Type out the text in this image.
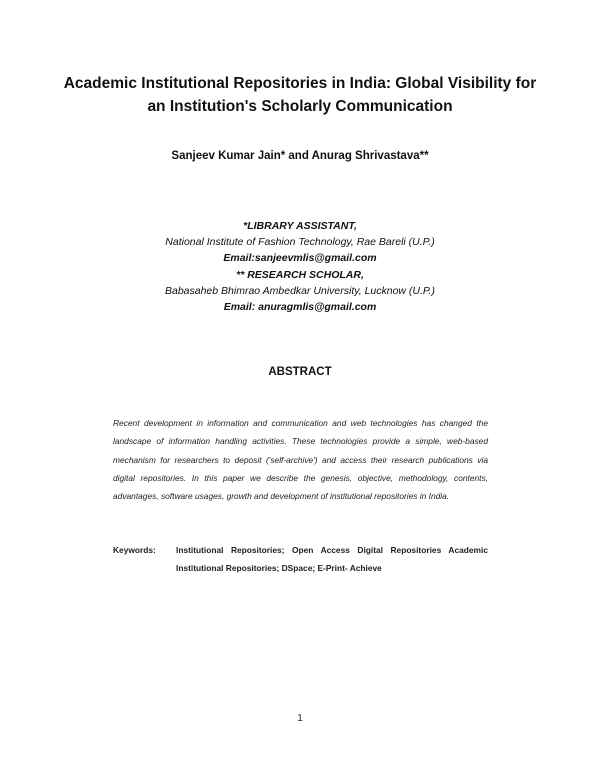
Academic Institutional Repositories in India: Global Visibility for
an Institution's Scholarly Communication
Sanjeev Kumar Jain* and Anurag Shrivastava**
*LIBRARY ASSISTANT,
National Institute of Fashion Technology, Rae Bareli (U.P.)
Email:sanjeevmlis@gmail.com
** RESEARCH SCHOLAR,
Babasaheb Bhimrao Ambedkar University, Lucknow (U.P.)
Email: anuragmlis@gmail.com
ABSTRACT
Recent development in information and communication and web technologies has changed the landscape of information handling activities. These technologies provide a simple, web-based mechanism for researchers to deposit ('self-archive') and access their research publications via digital repositories. In this paper we describe the genesis, objective, methodology, contents, advantages, software usages, growth and development of institutional repositories in India.
Keywords: Institutional Repositories; Open Access Digital Repositories Academic Institutional Repositories; DSpace; E-Print- Achieve
1
